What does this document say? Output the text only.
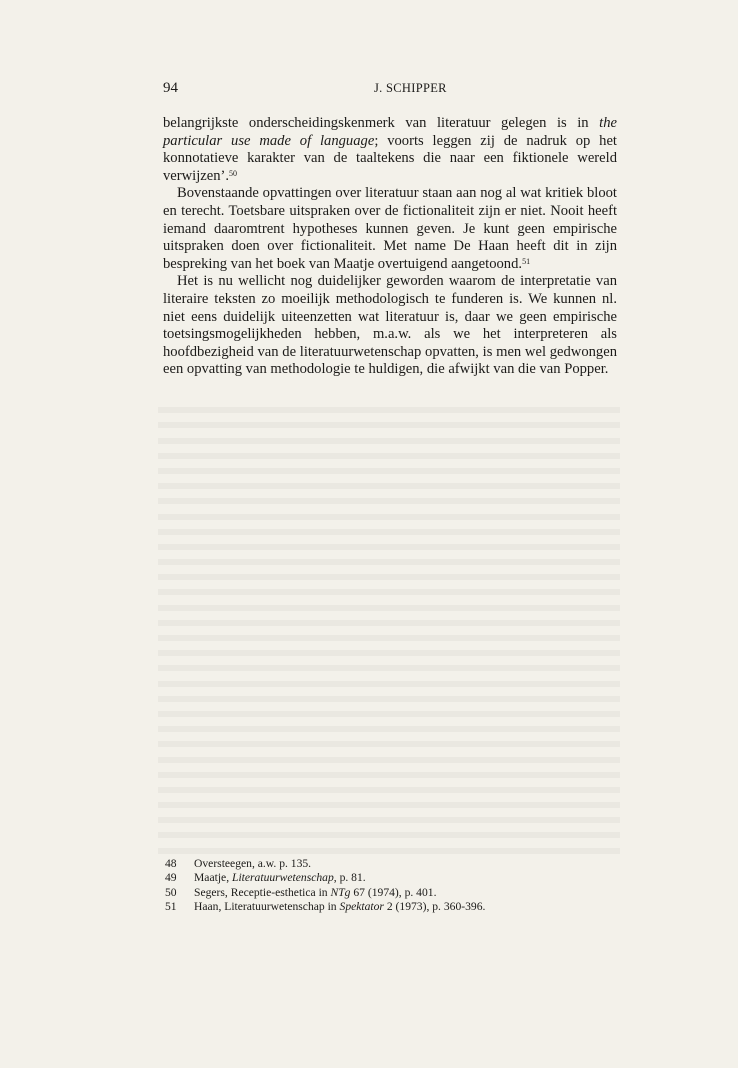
94	J. SCHIPPER

belangrijkste onderscheidingskenmerk van literatuur gelegen is in the particular use made of language; voorts leggen zij de nadruk op het konnotatieve karakter van de taaltekens die naar een fiktionele wereld verwijzen’.$^{50}$

Bovenstaande opvattingen over literatuur staan aan nog al wat kritiek bloot en terecht. Toetsbare uitspraken over de fictionaliteit zijn er niet. Nooit heeft iemand daaromtrent hypotheses kunnen geven. Je kunt geen empirische uitspraken doen over fictionaliteit. Met name De Haan heeft dit in zijn bespreking van het boek van Maatje overtuigend aangetoond.$^{51}$

Het is nu wellicht nog duidelijker geworden waarom de interpretatie van literaire teksten zo moeilijk methodologisch te funderen is. We kunnen nl. niet eens duidelijk uiteenzetten wat literatuur is, daar we geen empirische toetsingsmogelijkheden hebben, m.a.w. als we het interpreteren als hoofdbezigheid van de literatuurwetenschap opvatten, is men wel gedwongen een opvatting van methodologie te huldigen, die afwijkt van die van Popper.

48	Oversteegen, a.w. p. 135.
49	Maatje, Literatuurwetenschap, p. 81.
50	Segers, Receptie-esthetica in NTg 67 (1974), p. 401.
51	Haan, Literatuurwetenschap in Spektator 2 (1973), p. 360-396.
